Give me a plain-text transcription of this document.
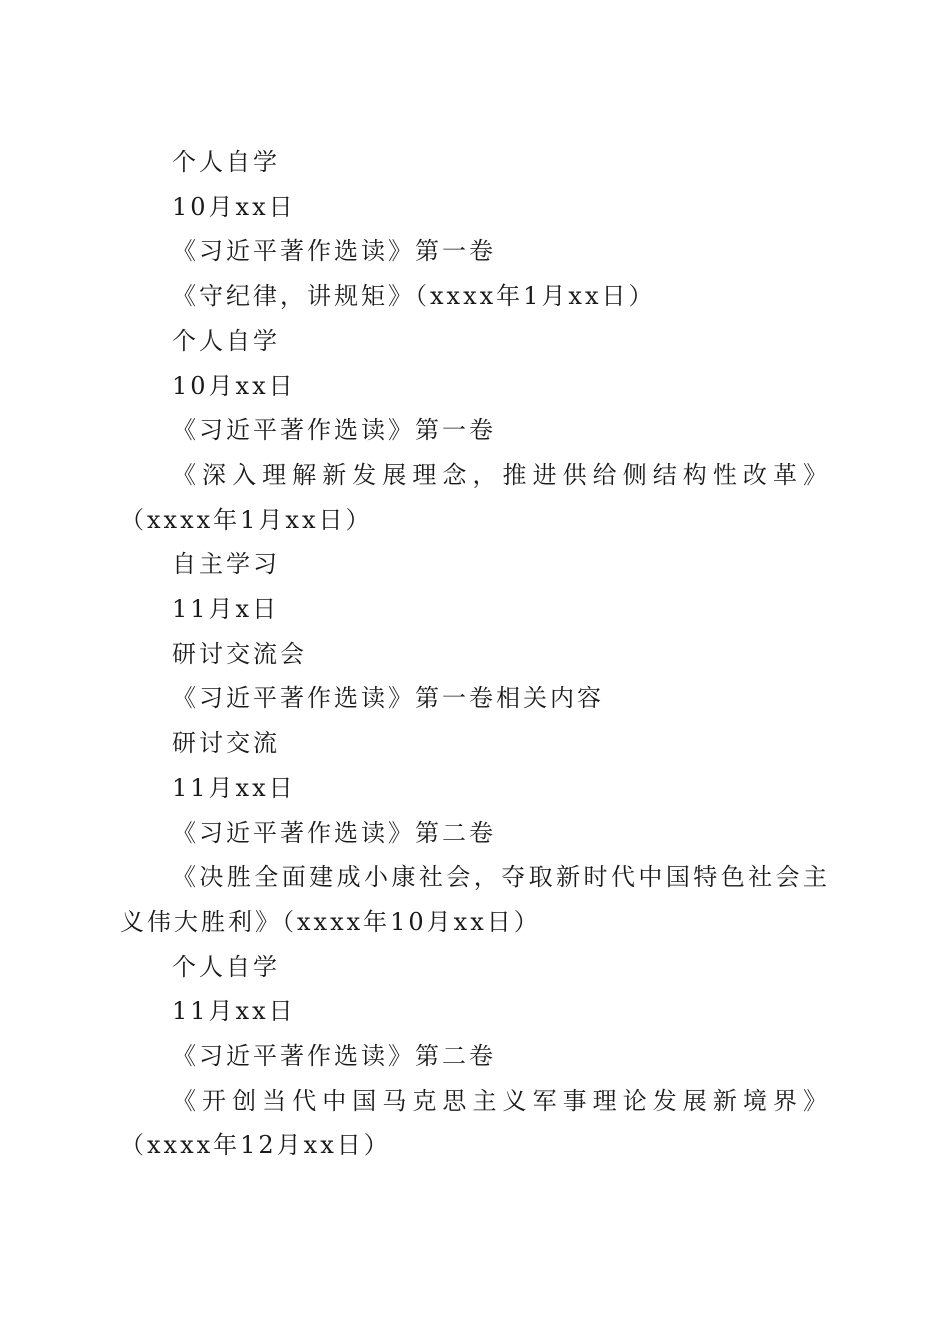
个人自学

10月xx日

《习近平著作选读》第一卷

《守纪律，讲规矩》（xxxx年1月xx日）

个人自学

10月xx日

《习近平著作选读》第一卷

《深入理解新发展理念，推进供给侧结构性改革》（xxxx年1月xx日）

自主学习

11月x日

研讨交流会

《习近平著作选读》第一卷相关内容

研讨交流

11月xx日

《习近平著作选读》第二卷

《决胜全面建成小康社会，夺取新时代中国特色社会主义伟大胜利》（xxxx年10月xx日）

个人自学

11月xx日

《习近平著作选读》第二卷

《开创当代中国马克思主义军事理论发展新境界》（xxxx年12月xx日）
